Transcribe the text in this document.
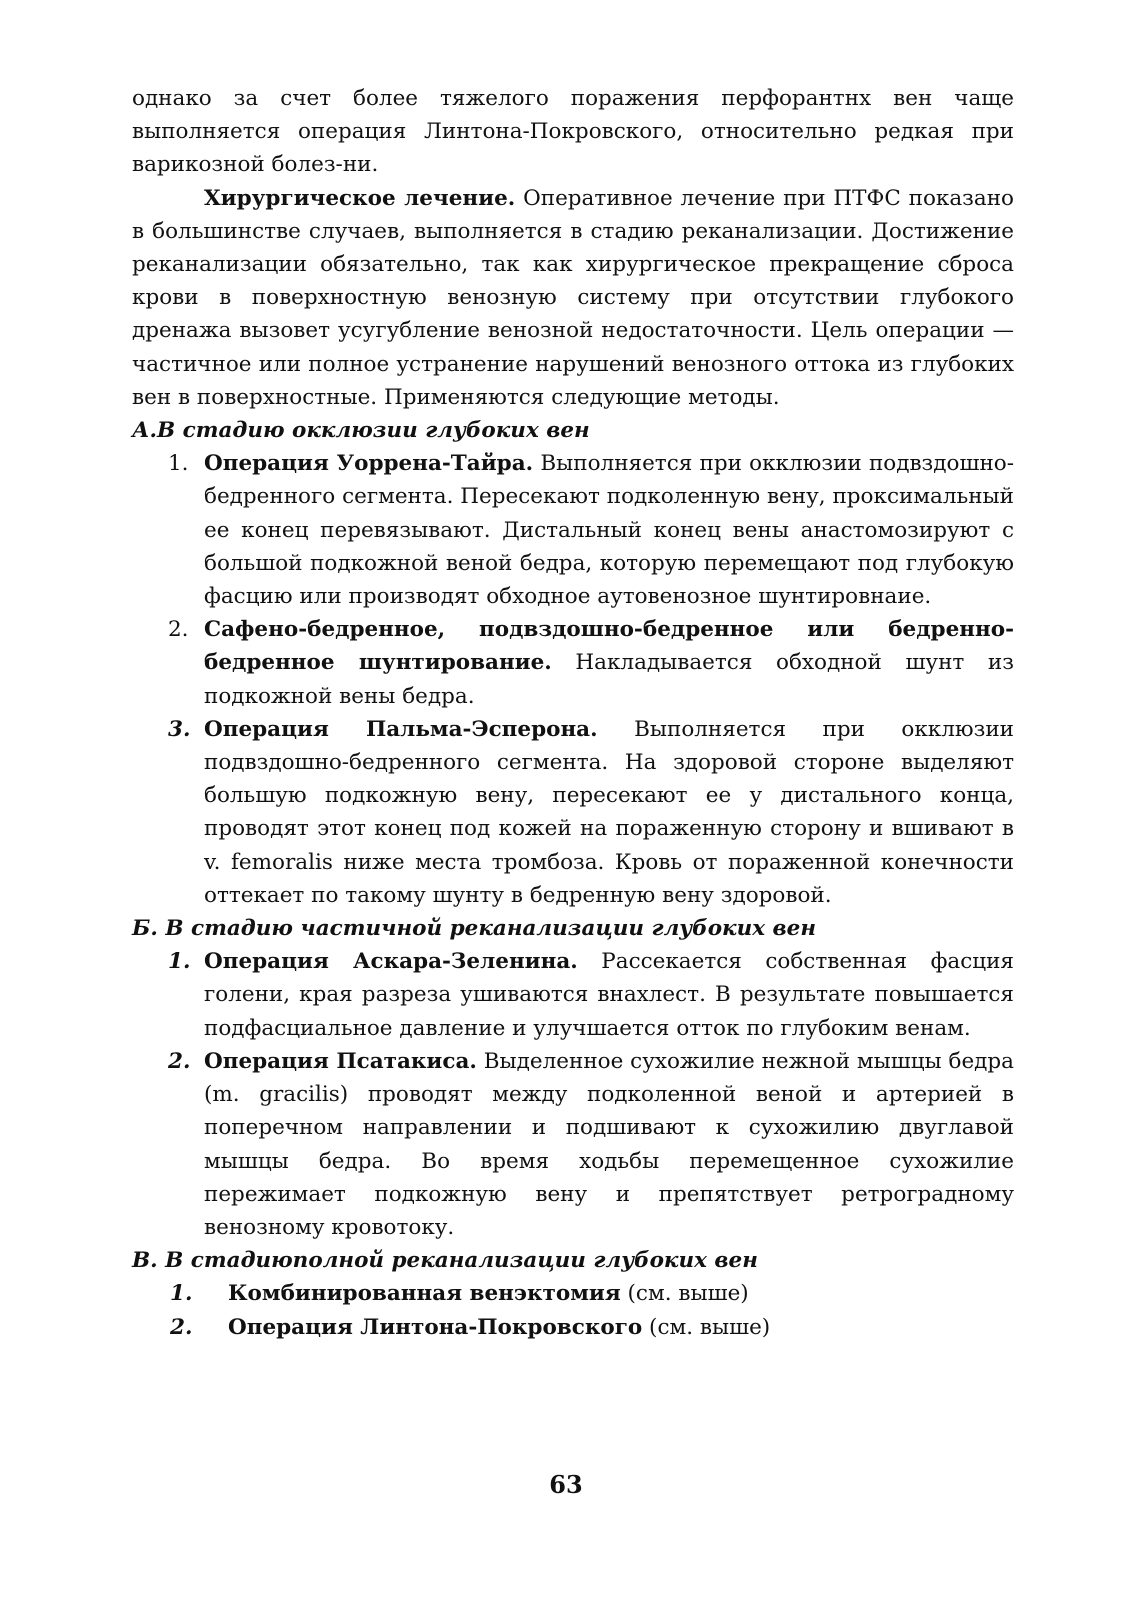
однако за счет более тяжелого поражения перфорантнх вен чаще выполняется операция Линтона-Покровского, относительно редкая при варикозной болез-ни.

Хирургическое лечение. Оперативное лечение при ПТФС показано в большинстве случаев, выполняется в стадию реканализации. Достижение реканализации обязательно, так как хирургическое прекращение сброса крови в поверхностную венозную систему при отсутствии глубокого дренажа вызовет усугубление венозной недостаточности. Цель операции — частичное или полное устранение нарушений венозного оттока из глубоких вен в поверхностные. Применяются следующие методы.

А.В стадию окклюзии глубоких вен
1. Операция Уоррена-Тайра. Выполняется при окклюзии подвздошно-бедренного сегмента. Пересекают подколенную вену, проксимальный ее конец перевязывают. Дистальный конец вены анастомозируют с большой подкожной веной бедра, которую перемещают под глубокую фасцию или производят обходное аутовенозное шунтировнаие.
2. Сафено-бедренное, подвздошно-бедренное или бедренно-бедренное шунтирование. Накладывается обходной шунт из подкожной вены бедра.
3. Операция Пальма-Эсперона. Выполняется при окклюзии подвздошно-бедренного сегмента. На здоровой стороне выделяют большую подкожную вену, пересекают ее у дистального конца, проводят этот конец под кожей на пораженную сторону и вшивают в v. femoralis ниже места тромбоза. Кровь от пораженной конечности оттекает по такому шунту в бедренную вену здоровой.
Б. В стадию частичной реканализации глубоких вен
1. Операция Аскара-Зеленина. Рассекается собственная фасция голени, края разреза ушиваются внахлест. В результате повышается подфасциальное давление и улучшается отток по глубоким венам.
2. Операция Псатакиса. Выделенное сухожилие нежной мышцы бедра (m. gracilis) проводят между подколенной веной и артерией в поперечном направлении и подшивают к сухожилию двуглавой мышцы бедра. Во время ходьбы перемещенное сухожилие пережимает подкожную вену и препятствует ретроградному венозному кровотоку.
В. В стадиюполной реканализации глубоких вен
1. Комбинированная венэктомия (см. выше)
2. Операция Линтона-Покровского (см. выше)
63
